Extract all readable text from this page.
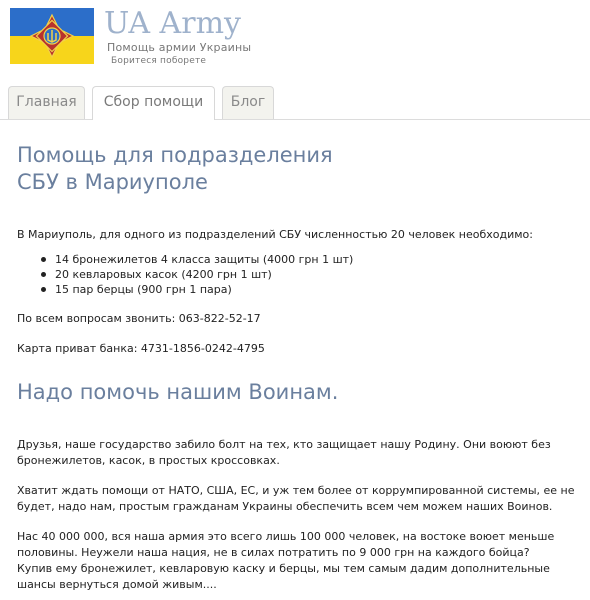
UA Army
Помощь армии Украины
Боритеся поборете
Главная	Сбор помощи	Блог
Помощь для подразделения
СБУ в Мариуполе
В Мариуполь, для одного из подразделений СБУ численностью 20 человек необходимо:
14 бронежилетов 4 класса защиты (4000 грн 1 шт)
20 кевларовых касок (4200 грн 1 шт)
15 пар берцы (900 грн 1 пара)
По всем вопросам звонить: 063-822-52-17
Карта приват банка: 4731-1856-0242-4795
Надо помочь нашим Воинам.
Друзья, наше государство забило болт на тех, кто защищает нашу Родину. Они воюют без бронежилетов, касок, в простых кроссовках.
Хватит ждать помощи от НАТО, США, ЕС, и уж тем более от коррумпированной системы, ее не будет, надо нам, простым гражданам Украины обеспечить всем чем можем наших Воинов.
Нас 40 000 000, вся наша армия это всего лишь 100 000 человек, на востоке воюет меньше половины. Неужели наша нация, не в силах потратить по 9 000 грн на каждого бойца?
Купив ему бронежилет, кевларовую каску и берцы, мы тем самым дадим дополнительные шансы вернуться домой живым....
